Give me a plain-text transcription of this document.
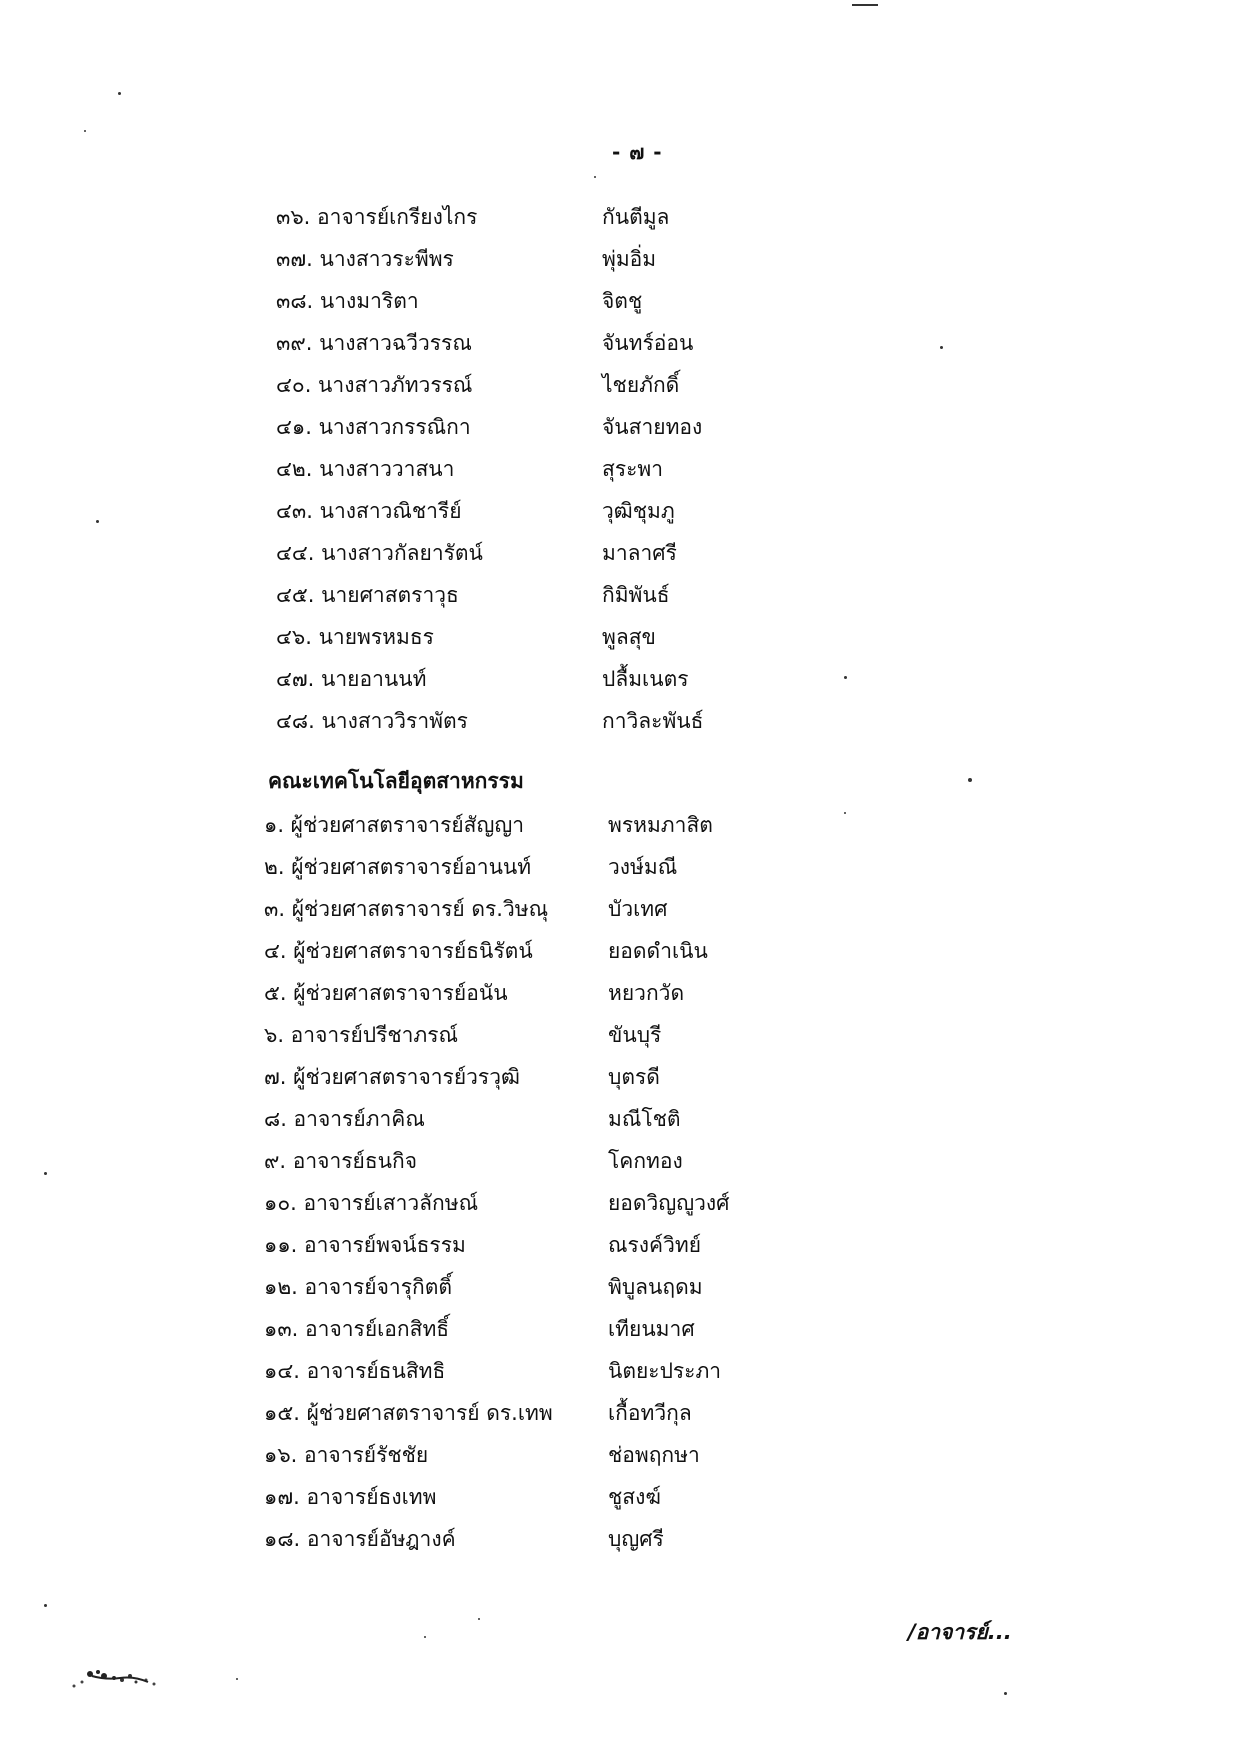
- ๗ -
๓๖. อาจารย์เกรียงไกร	กันตีมูล
๓๗. นางสาวระพีพร	พุ่มอิ่ม
๓๘. นางมาริตา	จิตชู
๓๙. นางสาวฉวีวรรณ	จันทร์อ่อน
๔๐. นางสาวภัทวรรณ์	ไชยภักดิ์
๔๑. นางสาวกรรณิกา	จันสายทอง
๔๒. นางสาววาสนา	สุระพา
๔๓. นางสาวณิชารีย์	วุฒิชุมภู
๔๔. นางสาวกัลยารัตน์	มาลาศรี
๔๕. นายศาสตราวุธ	กิมิพันธ์
๔๖. นายพรหมธร	พูลสุข
๔๗. นายอานนท์	ปลื้มเนตร
๔๘. นางสาววิราพัตร	กาวิละพันธ์
คณะเทคโนโลยีอุตสาหกรรม
๑. ผู้ช่วยศาสตราจารย์สัญญา	พรหมภาสิต
๒. ผู้ช่วยศาสตราจารย์อานนท์	วงษ์มณี
๓. ผู้ช่วยศาสตราจารย์ ดร.วิษณุ	บัวเทศ
๔. ผู้ช่วยศาสตราจารย์ธนิรัตน์	ยอดดำเนิน
๕. ผู้ช่วยศาสตราจารย์อนัน	หยวกวัด
๖. อาจารย์ปรีชาภรณ์	ขันบุรี
๗. ผู้ช่วยศาสตราจารย์วรวุฒิ	บุตรดี
๘. อาจารย์ภาคิณ	มณีโชติ
๙. อาจารย์ธนกิจ	โคกทอง
๑๐. อาจารย์เสาวลักษณ์	ยอดวิญญูวงศ์
๑๑. อาจารย์พจน์ธรรม	ณรงค์วิทย์
๑๒. อาจารย์จารุกิตติ์	พิบูลนฤดม
๑๓. อาจารย์เอกสิทธิ์	เทียนมาศ
๑๔. อาจารย์ธนสิทธิ	นิตยะประภา
๑๕. ผู้ช่วยศาสตราจารย์ ดร.เทพ	เกื้อทวีกุล
๑๖. อาจารย์รัชชัย	ช่อพฤกษา
๑๗. อาจารย์ธงเทพ	ชูสงฆ์
๑๘. อาจารย์อัษฎางค์	บุญศรี
/อาจารย์...
